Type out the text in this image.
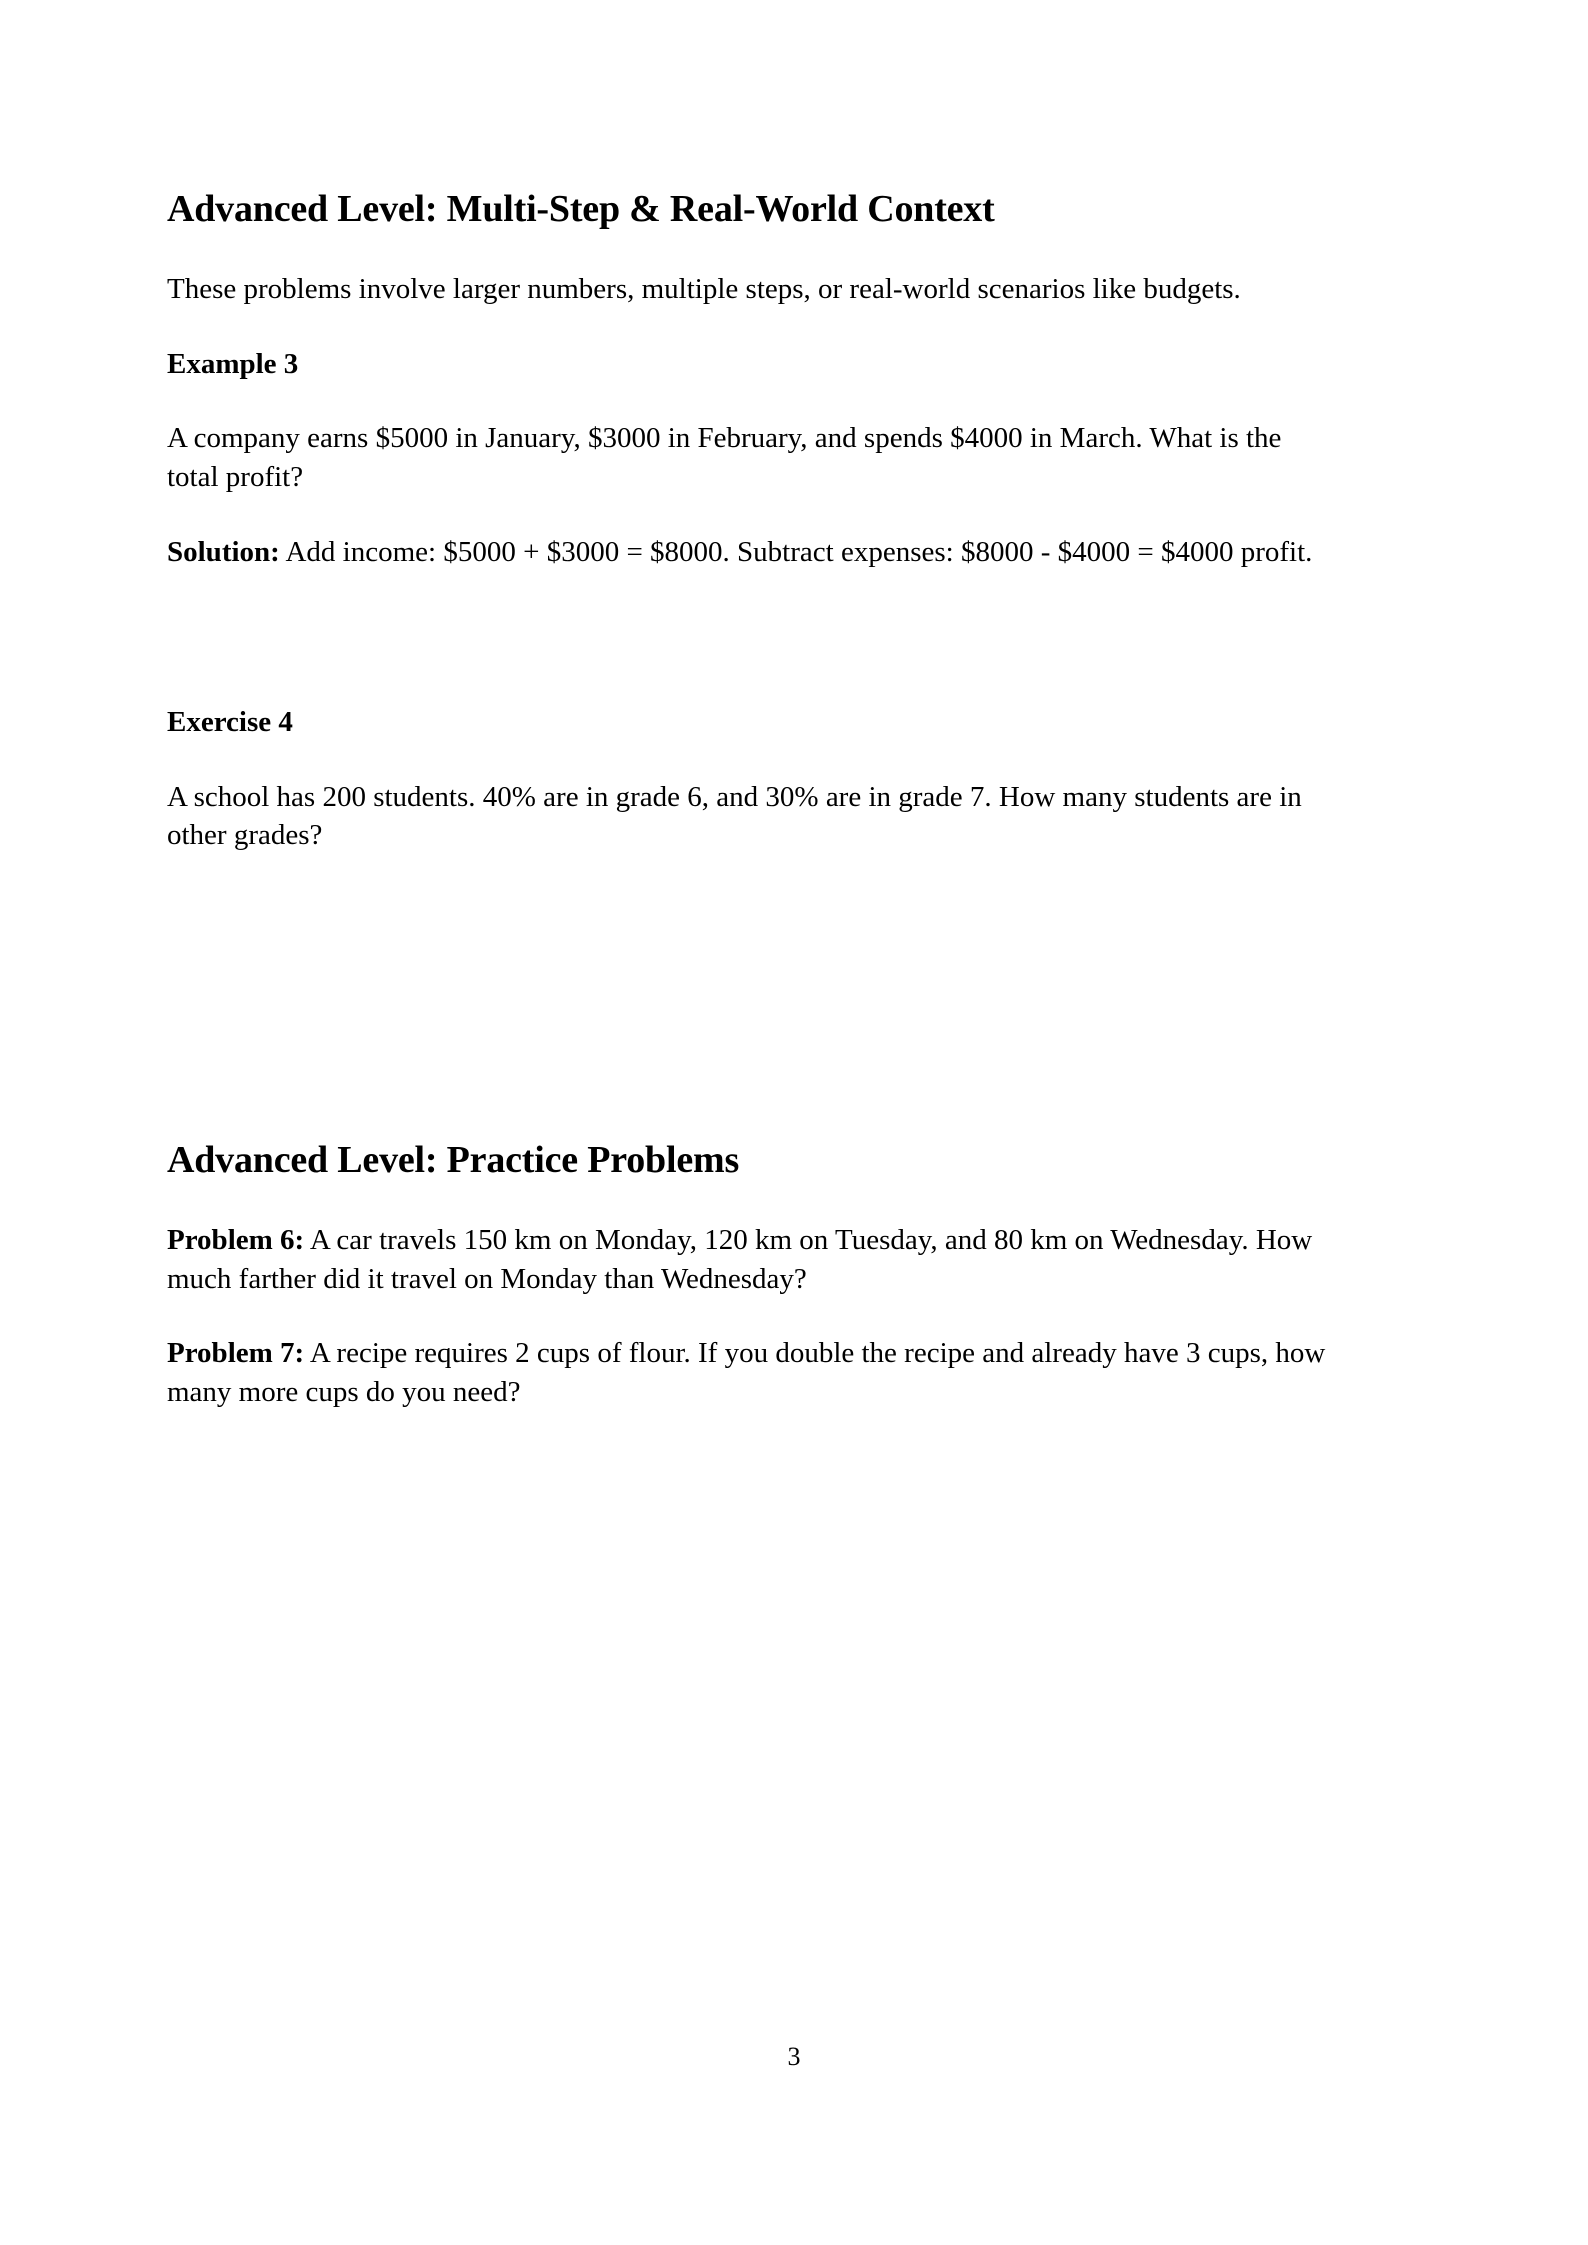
Advanced Level: Multi-Step & Real-World Context

These problems involve larger numbers, multiple steps, or real-world scenarios like budgets.

Example 3

A company earns $5000 in January, $3000 in February, and spends $4000 in March. What is the total profit?

Solution: Add income: $5000 + $3000 = $8000. Subtract expenses: $8000 - $4000 = $4000 profit.

Exercise 4

A school has 200 students. 40% are in grade 6, and 30% are in grade 7. How many students are in other grades?

Advanced Level: Practice Problems

Problem 6: A car travels 150 km on Monday, 120 km on Tuesday, and 80 km on Wednesday. How much farther did it travel on Monday than Wednesday?

Problem 7: A recipe requires 2 cups of flour. If you double the recipe and already have 3 cups, how many more cups do you need?

3
